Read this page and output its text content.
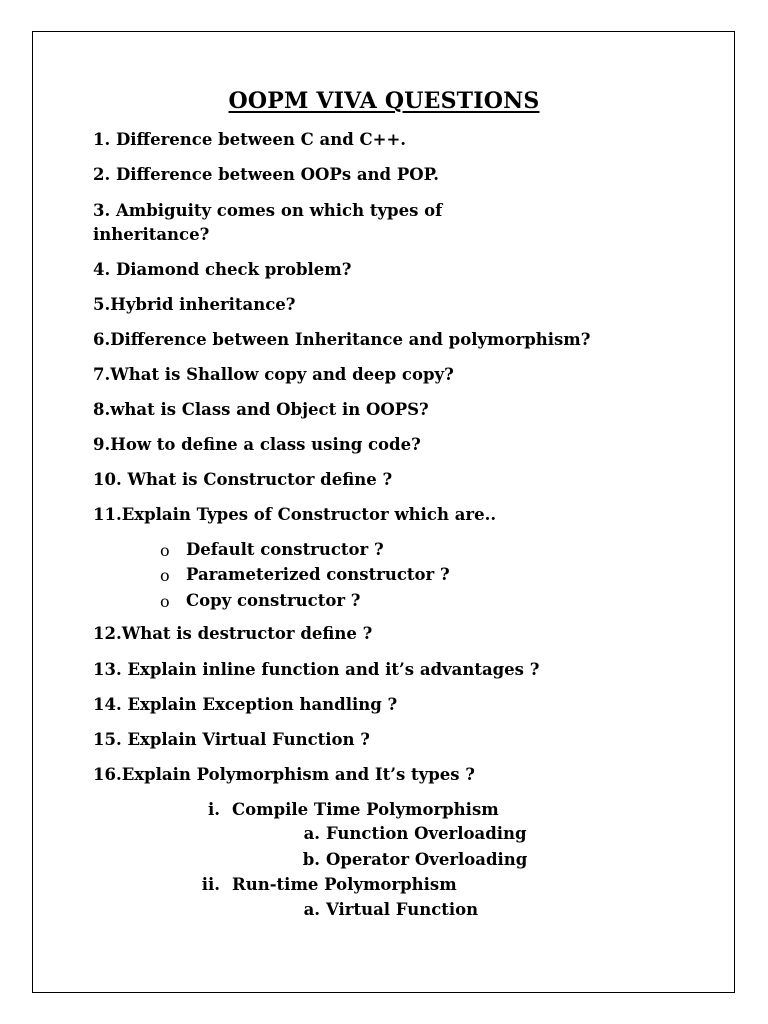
OOPM VIVA QUESTIONS
1. Difference between C and C++.
2. Difference between OOPs and POP.
3. Ambiguity comes on which types of
inheritance?
4. Diamond check problem?
5.Hybrid inheritance?
6.Difference between Inheritance and polymorphism?
7.What is Shallow copy and deep copy?
8.what is Class and Object in OOPS?
9.How to define a class using code?
10. What is Constructor define ?
11.Explain Types of Constructor which are..
o Default constructor ?
o Parameterized constructor ?
o Copy constructor ?
12.What is destructor define ?
13. Explain inline function and it’s advantages ?
14. Explain Exception handling ?
15. Explain Virtual Function ?
16.Explain Polymorphism and It’s types ?
i. Compile Time Polymorphism
a. Function Overloading
b. Operator Overloading
ii. Run-time Polymorphism
a. Virtual Function
